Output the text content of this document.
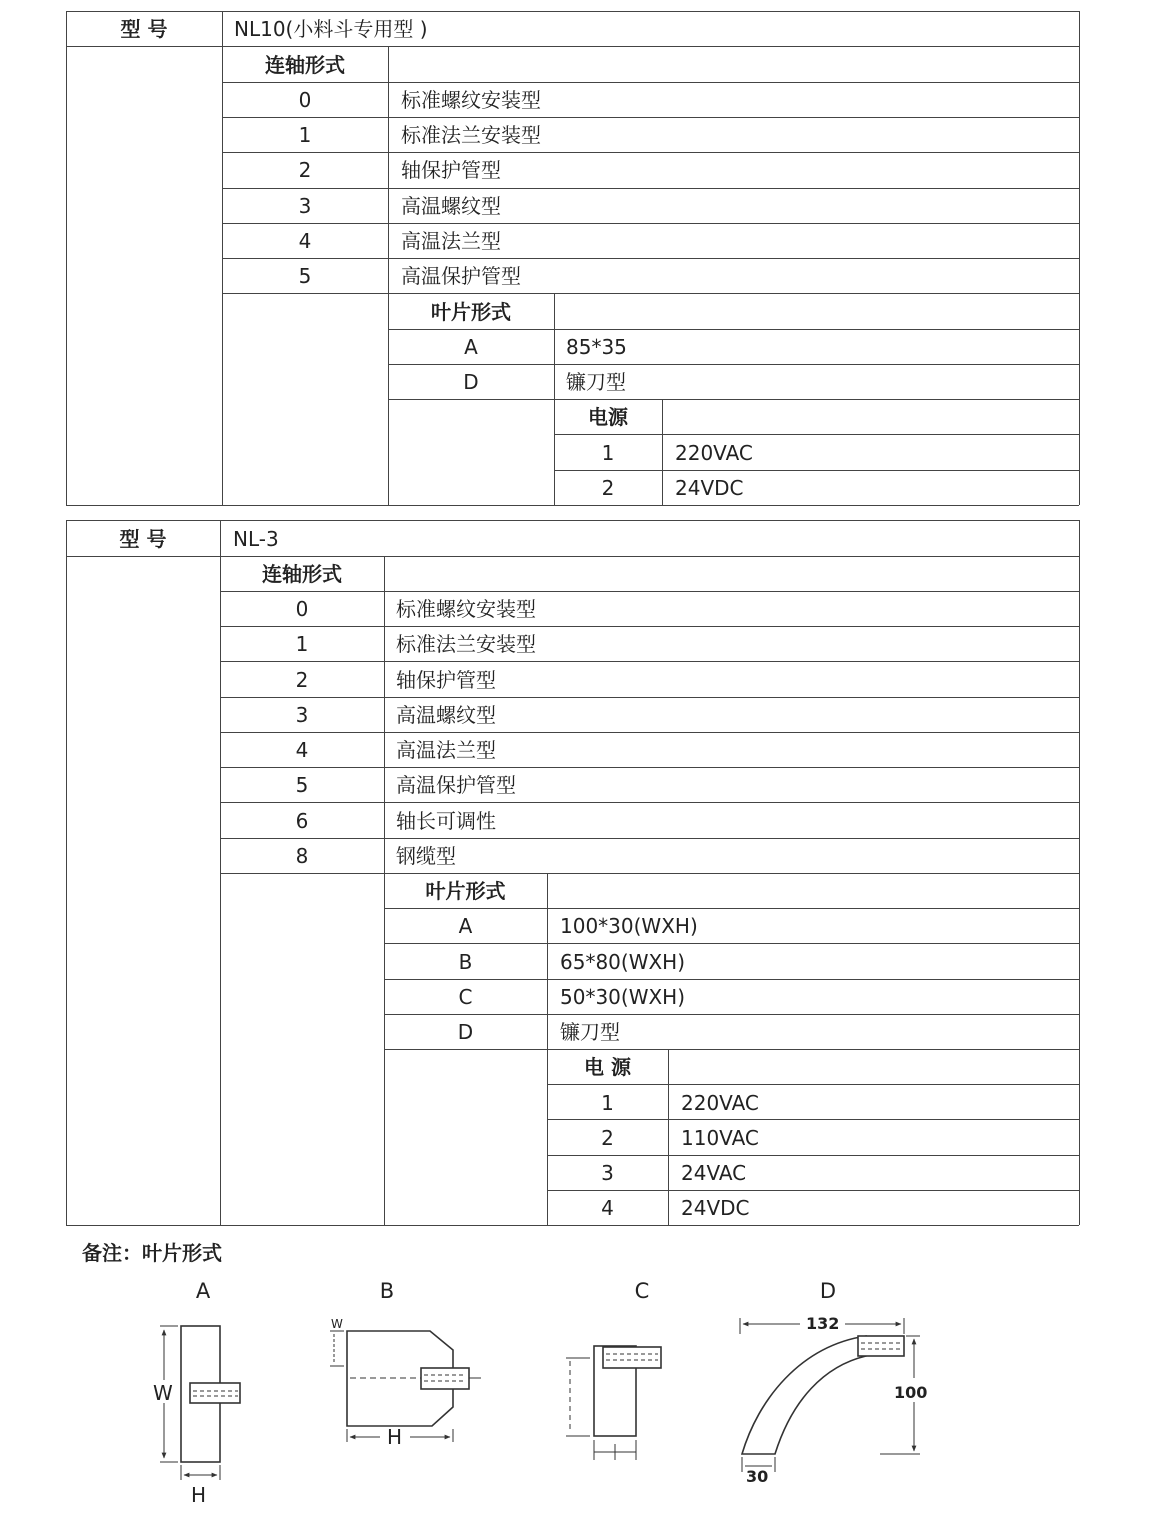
型 号	NL10(小料斗专用型 )
连轴形式
0	标准螺纹安装型
1	标准法兰安装型
2	轴保护管型
3	高温螺纹型
4	高温法兰型
5	高温保护管型
叶片形式
A	85*35
D	镰刀型
电源
1	220VAC
2	24VDC
型 号	NL-3
连轴形式
0	标准螺纹安装型
1	标准法兰安装型
2	轴保护管型
3	高温螺纹型
4	高温法兰型
5	高温保护管型
6	轴长可调性
8	钢缆型
叶片形式
A	100*30(WXH)
B	65*80(WXH)
C	50*30(WXH)
D	镰刀型
电 源
1	220VAC
2	110VAC
3	24VAC
4	24VDC
备注：叶片形式
A	B	C	D
W
H
W
H
132
100
30
